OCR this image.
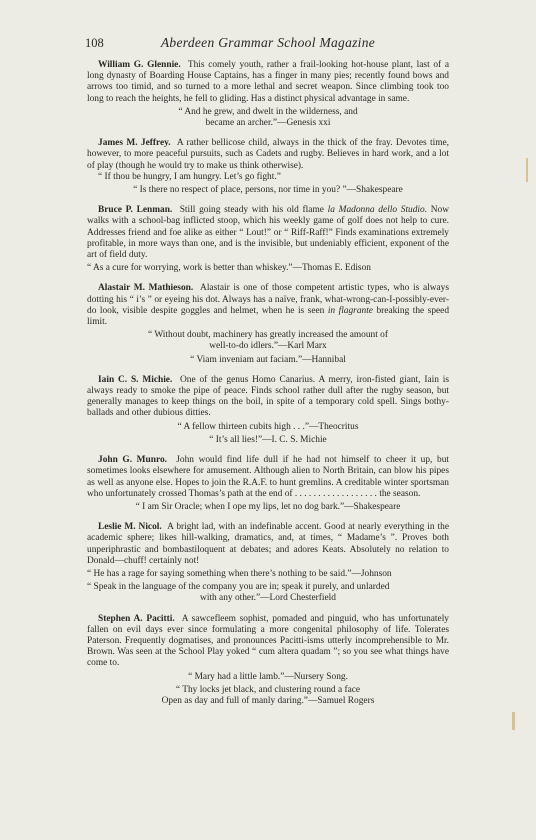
108	Aberdeen Grammar School Magazine

William G. Glennie. This comely youth, rather a frail-looking hot-house plant, last of a long dynasty of Boarding House Captains, has a finger in many pies; recently found bows and arrows too timid, and so turned to a more lethal and secret weapon. Since climbing took too long to reach the heights, he fell to gliding. Has a distinct physical advantage in same.

“ And he grew, and dwelt in the wilderness, and

became an archer.”—Genesis xxi

James M. Jeffrey. A rather bellicose child, always in the thick of the fray. Devotes time, however, to more peaceful pursuits, such as Cadets and rugby. Believes in hard work, and a lot of play (though he would try to make us think otherwise).

“ If thou be hungry, I am hungry. Let’s go fight.”

“ Is there no respect of place, persons, nor time in you? ”—Shakespeare

Bruce P. Lenman. Still going steady with his old flame la Madonna dello Studio. Now walks with a school-bag inflicted stoop, which his weekly game of golf does not help to cure. Addresses friend and foe alike as either “ Lout!” or “ Riff-Raff!” Finds examinations extremely profitable, in more ways than one, and is the invisible, but undeniably efficient, exponent of the art of field duty.

“ As a cure for worrying, work is better than whiskey.”—Thomas E. Edison

Alastair M. Mathieson. Alastair is one of those competent artistic types, who is always dotting his “ i’s ” or eyeing his dot. Always has a naïve, frank, what-wrong-can-I-possibly-ever-do look, visible despite goggles and helmet, when he is seen in flagrante breaking the speed limit.

“ Without doubt, machinery has greatly increased the amount of

well-to-do idlers.”—Karl Marx

“ Viam inveniam aut faciam.”—Hannibal

Iain C. S. Michie. One of the genus Homo Canarius. A merry, iron-fisted giant, Iain is always ready to smoke the pipe of peace. Finds school rather dull after the rugby season, but generally manages to keep things on the boil, in spite of a temporary cold spell. Sings bothy-ballads and other dubious ditties.

“ A fellow thirteen cubits high . . .”—Theocritus

“ It’s all lies!”—I. C. S. Michie

John G. Munro. John would find life dull if he had not himself to cheer it up, but sometimes looks elsewhere for amusement. Although alien to North Britain, can blow his pipes as well as anyone else. Hopes to join the R.A.F. to hunt gremlins. A creditable winter sportsman who unfortunately crossed Thomas’s path at the end of . . . . . . . . . . . . . . . . . . the season.

“ I am Sir Oracle; when I ope my lips, let no dog bark.”—Shakespeare

Leslie M. Nicol. A bright lad, with an indefinable accent. Good at nearly everything in the academic sphere; likes hill-walking, dramatics, and, at times, “ Madame’s ”. Proves both unperiphrastic and bombastiloquent at debates; and adores Keats. Absolutely no relation to Donald—chuff! certainly not!

“ He has a rage for saying something when there’s nothing to be said.”—Johnson

“ Speak in the language of the company you are in; speak it purely, and unlarded

with any other.”—Lord Chesterfield

Stephen A. Pacitti. A sawcefleem sophist, pomaded and pinguid, who has unfortunately fallen on evil days ever since formulating a more congenital philosophy of life. Tolerates Paterson. Frequently dogmatises, and pronounces Pacitti-isms utterly incomprehensible to Mr. Brown. Was seen at the School Play yoked “ cum altera quadam ”; so you see what things have come to.

“ Mary had a little lamb.”—Nursery Song.

“ Thy locks jet black, and clustering round a face

Open as day and full of manly daring.”—Samuel Rogers
